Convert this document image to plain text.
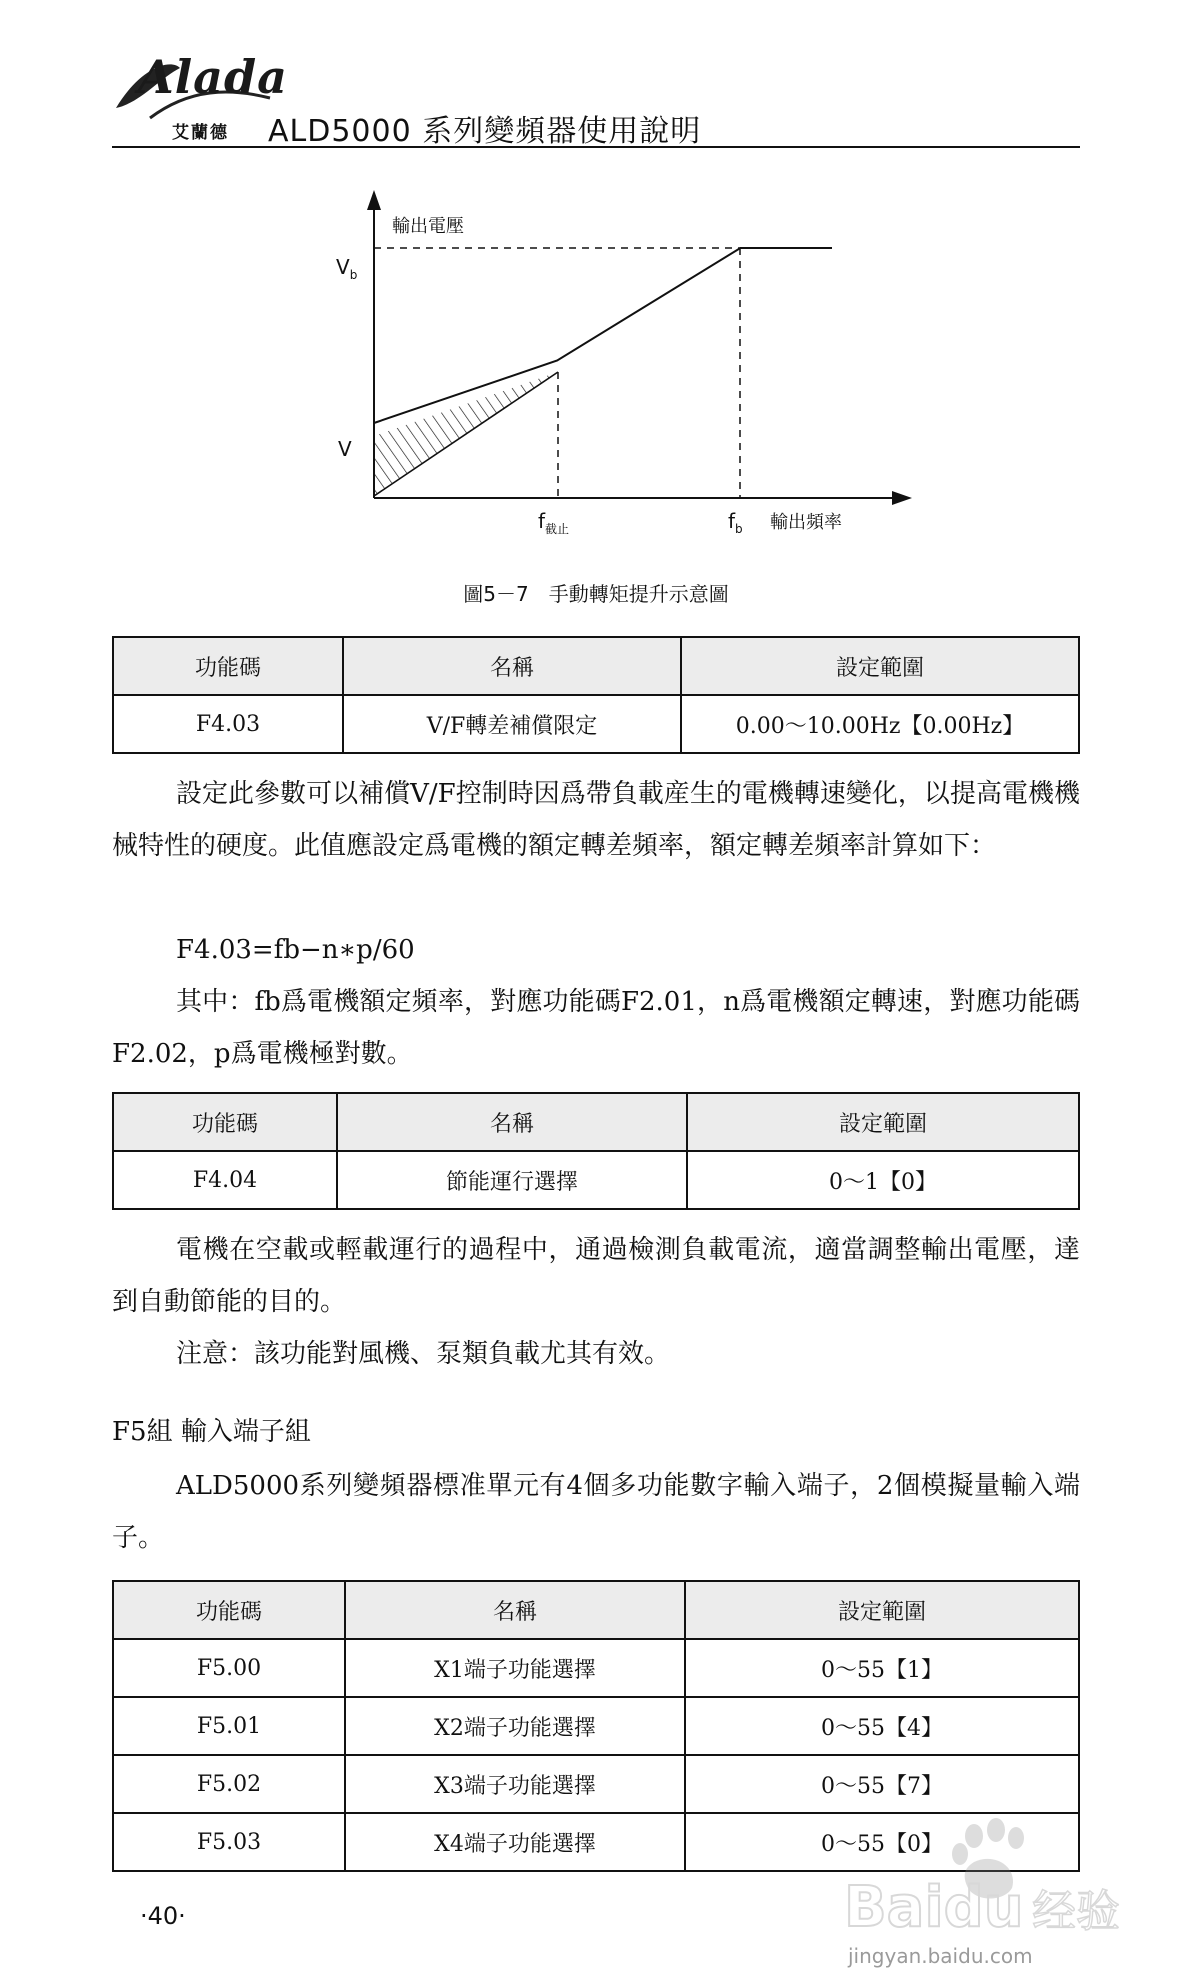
Alada
艾蘭德 ALD5000 系列變頻器使用說明
輸出電壓
$V_b$
V
$f_{截止}$	$f_b$ 輸出頻率
圖5－7　手動轉矩提升示意圖
功能碼	名稱	設定範圍
F4.03	V/F轉差補償限定	0.00～10.00Hz【0.00Hz】
設定此參數可以補償V/F控制時因爲帶負載産生的電機轉速變化，以提高電機機械特性的硬度。此值應設定爲電機的額定轉差頻率，額定轉差頻率計算如下：
F4.03=fb−n∗p/60
其中：fb爲電機額定頻率，對應功能碼F2.01，n爲電機額定轉速，對應功能碼F2.02，p爲電機極對數。
功能碼	名稱	設定範圍
F4.04	節能運行選擇	0～1【0】
電機在空載或輕載運行的過程中，通過檢測負載電流，適當調整輸出電壓，達到自動節能的目的。
注意：該功能對風機、泵類負載尤其有效。
F5組 輸入端子組
ALD5000系列變頻器標准單元有4個多功能數字輸入端子，2個模擬量輸入端子。
功能碼	名稱	設定範圍
F5.00	X1端子功能選擇	0～55【1】
F5.01	X2端子功能選擇	0～55【4】
F5.02	X3端子功能選擇	0～55【7】
F5.03	X4端子功能選擇	0～55【0】
·40·	Baidu 经验
jingyan.baidu.com
